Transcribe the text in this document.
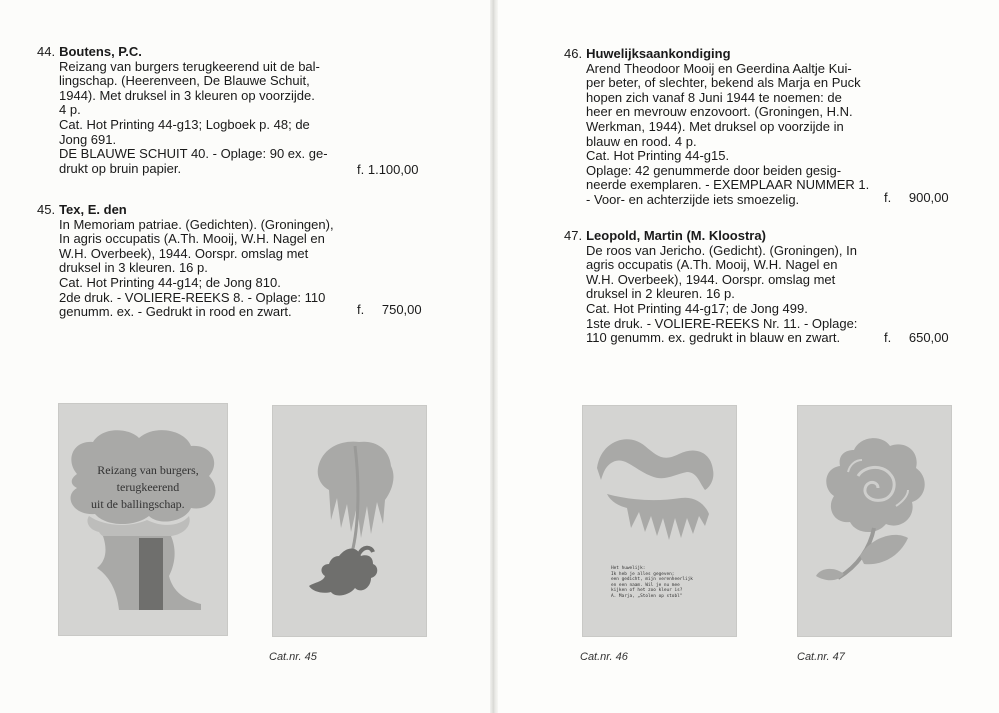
44. Boutens, P.C.
Reizang van burgers terugkeerend uit de bal-
lingschap. (Heerenveen, De Blauwe Schuit,
1944). Met druksel in 3 kleuren op voorzijde.
4 p.
Cat. Hot Printing 44-g13; Logboek p. 48; de
Jong 691.
DE BLAUWE SCHUIT 40. - Oplage: 90 ex. ge-
drukt op bruin papier.	f. 1.100,00
45. Tex, E. den
In Memoriam patriae. (Gedichten). (Groningen),
In agris occupatis (A.Th. Mooij, W.H. Nagel en
W.H. Overbeek), 1944. Oorspr. omslag met
druksel in 3 kleuren. 16 p.
Cat. Hot Printing 44-g14; de Jong 810.
2de druk. - VOLIERE-REEKS 8. - Oplage: 110
genumm. ex. - Gedrukt in rood en zwart.	f. 750,00
46. Huwelijksaankondiging
Arend Theodoor Mooij en Geerdina Aaltje Kui-
per beter, of slechter, bekend als Marja en Puck
hopen zich vanaf 8 Juni 1944 te noemen: de
heer en mevrouw enzovoort. (Groningen, H.N.
Werkman, 1944). Met druksel op voorzijde in
blauw en rood. 4 p.
Cat. Hot Printing 44-g15.
Oplage: 42 genummerde door beiden gesig-
neerde exemplaren. - EXEMPLAAR NUMMER 1.
- Voor- en achterzijde iets smoezelig.	f. 900,00
47. Leopold, Martin (M. Kloostra)
De roos van Jericho. (Gedicht). (Groningen), In
agris occupatis (A.Th. Mooij, W.H. Nagel en
W.H. Overbeek), 1944. Oorspr. omslag met
druksel in 2 kleuren. 16 p.
Cat. Hot Printing 44-g17; de Jong 499.
1ste druk. - VOLIERE-REEKS Nr. 11. - Oplage:
110 genumm. ex. gedrukt in blauw en zwart.	f. 650,00
Reizang van burgers,
terugkeerend
uit de ballingschap.
Cat.nr. 45
Het huwelijk:
Ik heb je alles gegeven;
een gedicht, mijn verenheerlijk
en een naam. Wil je nu mee
kijken of het zoo kleur is?
A. Marja, „Stolen op stobl"
Cat.nr. 46	Cat.nr. 47
